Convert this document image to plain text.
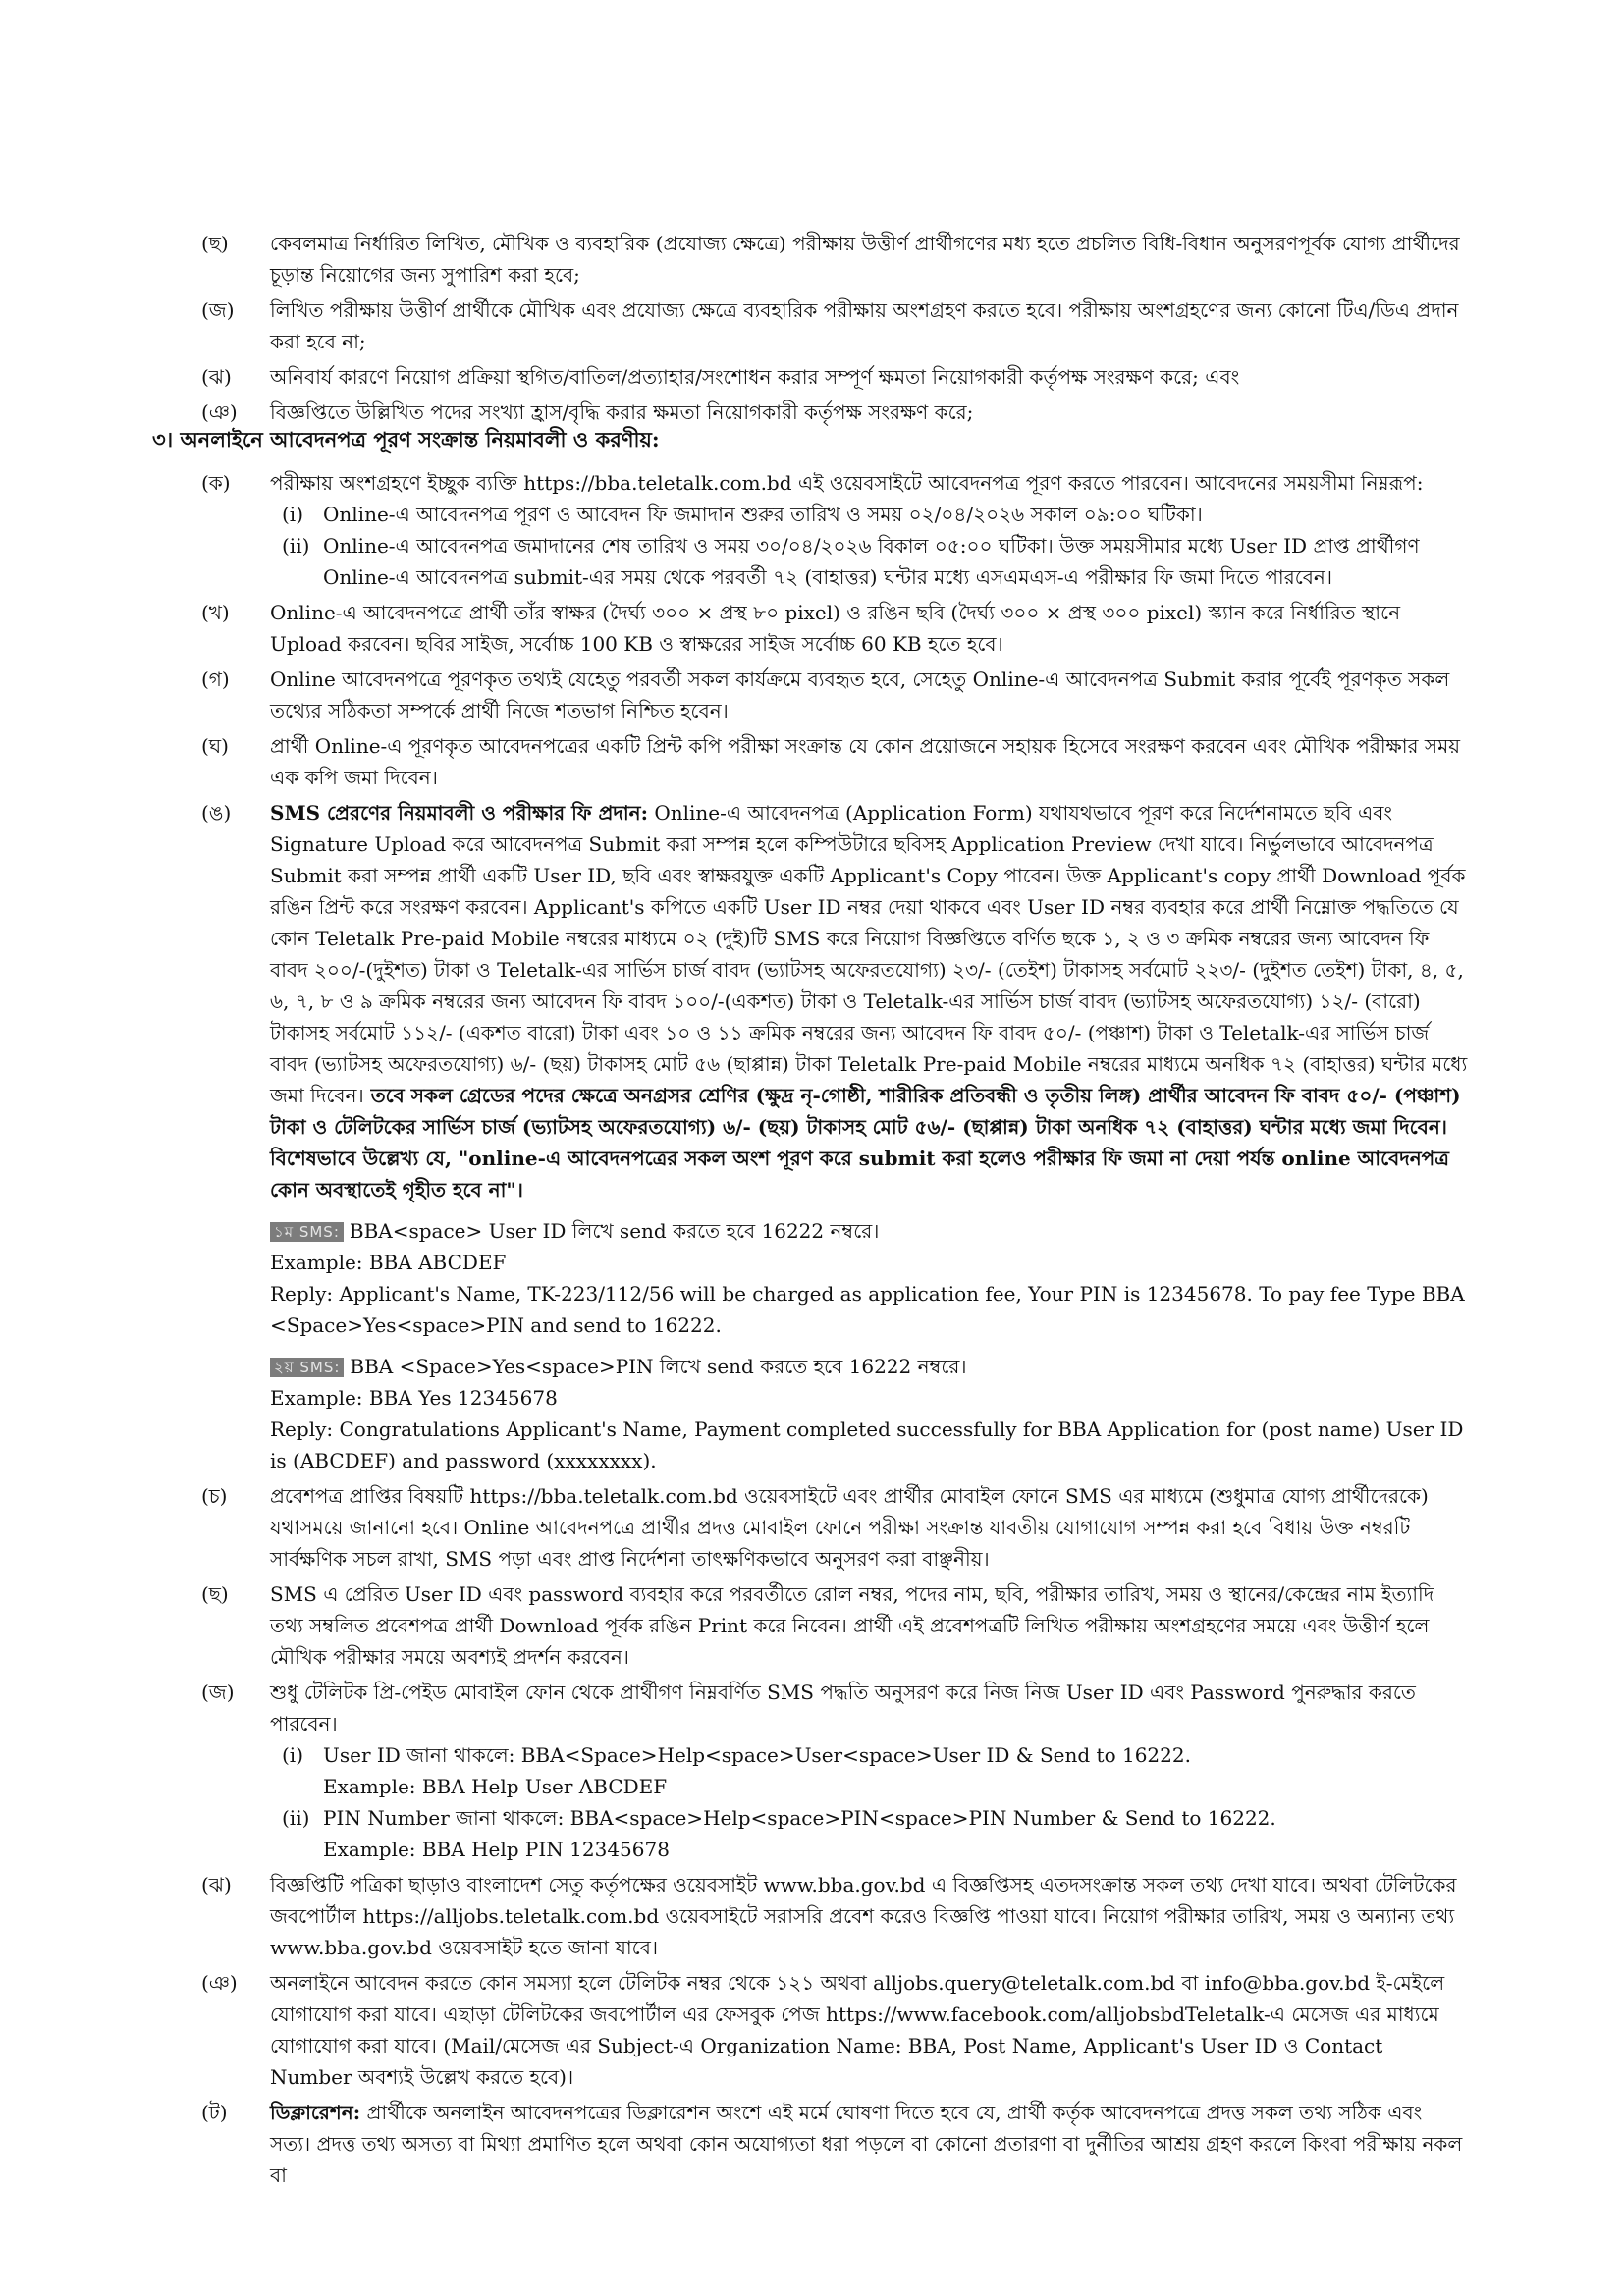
(ছ) কেবলমাত্র নির্ধারিত লিখিত, মৌখিক ও ব্যবহারিক (প্রযোজ্য ক্ষেত্রে) পরীক্ষায় উত্তীর্ণ প্রার্থীগণের মধ্য হতে প্রচলিত বিধি-বিধান অনুসরণপূর্বক যোগ্য প্রার্থীদের চূড়ান্ত নিয়োগের জন্য সুপারিশ করা হবে;
(জ) লিখিত পরীক্ষায় উত্তীর্ণ প্রার্থীকে মৌখিক এবং প্রযোজ্য ক্ষেত্রে ব্যবহারিক পরীক্ষায় অংশগ্রহণ করতে হবে। পরীক্ষায় অংশগ্রহণের জন্য কোনো টিএ/ডিএ প্রদান করা হবে না;
(ঝ) অনিবার্য কারণে নিয়োগ প্রক্রিয়া স্থগিত/বাতিল/প্রত্যাহার/সংশোধন করার সম্পূর্ণ ক্ষমতা নিয়োগকারী কর্তৃপক্ষ সংরক্ষণ করে; এবং
(ঞ) বিজ্ঞপ্তিতে উল্লিখিত পদের সংখ্যা হ্রাস/বৃদ্ধি করার ক্ষমতা নিয়োগকারী কর্তৃপক্ষ সংরক্ষণ করে;
৩। অনলাইনে আবেদনপত্র পূরণ সংক্রান্ত নিয়মাবলী ও করণীয়:
(ক) পরীক্ষায় অংশগ্রহণে ইচ্ছুক ব্যক্তি https://bba.teletalk.com.bd এই ওয়েবসাইটে আবেদনপত্র পূরণ করতে পারবেন। আবেদনের সময়সীমা নিম্নরূপ:
(i) Online-এ আবেদনপত্র পূরণ ও আবেদন ফি জমাদান শুরুর তারিখ ও সময় ০২/০৪/২০২৬ সকাল ০৯:০০ ঘটিকা।
(ii) Online-এ আবেদনপত্র জমাদানের শেষ তারিখ ও সময় ৩০/০৪/২০২৬ বিকাল ০৫:০০ ঘটিকা। উক্ত সময়সীমার মধ্যে User ID প্রাপ্ত প্রার্থীগণ Online-এ আবেদনপত্র submit-এর সময় থেকে পরবর্তী ৭২ (বাহাত্তর) ঘন্টার মধ্যে এসএমএস-এ পরীক্ষার ফি জমা দিতে পারবেন।
(খ) Online-এ আবেদনপত্রে প্রার্থী তাঁর স্বাক্ষর (দৈর্ঘ্য ৩০০ × প্রস্থ ৮০ pixel) ও রঙিন ছবি (দৈর্ঘ্য ৩০০ × প্রস্থ ৩০০ pixel) স্ক্যান করে নির্ধারিত স্থানে Upload করবেন। ছবির সাইজ, সর্বোচ্চ 100 KB ও স্বাক্ষরের সাইজ সর্বোচ্চ 60 KB হতে হবে।
(গ) Online আবেদনপত্রে পূরণকৃত তথ্যই যেহেতু পরবর্তী সকল কার্যক্রমে ব্যবহৃত হবে, সেহেতু Online-এ আবেদনপত্র Submit করার পূর্বেই পূরণকৃত সকল তথ্যের সঠিকতা সম্পর্কে প্রার্থী নিজে শতভাগ নিশ্চিত হবেন।
(ঘ) প্রার্থী Online-এ পূরণকৃত আবেদনপত্রের একটি প্রিন্ট কপি পরীক্ষা সংক্রান্ত যে কোন প্রয়োজনে সহায়ক হিসেবে সংরক্ষণ করবেন এবং মৌখিক পরীক্ষার সময় এক কপি জমা দিবেন।
(ঙ) SMS প্রেরণের নিয়মাবলী ও পরীক্ষার ফি প্রদান: Online-এ আবেদনপত্র (Application Form) যথাযথভাবে পূরণ করে নির্দেশনামতে ছবি এবং Signature Upload করে আবেদনপত্র Submit করা সম্পন্ন হলে কম্পিউটারে ছবিসহ Application Preview দেখা যাবে। নির্ভুলভাবে আবেদনপত্র Submit করা সম্পন্ন প্রার্থী একটি User ID, ছবি এবং স্বাক্ষরযুক্ত একটি Applicant's Copy পাবেন। উক্ত Applicant's copy প্রার্থী Download পূর্বক রঙিন প্রিন্ট করে সংরক্ষণ করবেন। Applicant's কপিতে একটি User ID নম্বর দেয়া থাকবে এবং User ID নম্বর ব্যবহার করে প্রার্থী নিম্নোক্ত পদ্ধতিতে যে কোন Teletalk Pre-paid Mobile নম্বরের মাধ্যমে ০২ (দুই)টি SMS করে নিয়োগ বিজ্ঞপ্তিতে বর্ণিত ছকে ১, ২ ও ৩ ক্রমিক নম্বরের জন্য আবেদন ফি বাবদ ২০০/-(দুইশত) টাকা ও Teletalk-এর সার্ভিস চার্জ বাবদ (ভ্যাটসহ অফেরতযোগ্য) ২৩/- (তেইশ) টাকাসহ সর্বমোট ২২৩/- (দুইশত তেইশ) টাকা, ৪, ৫, ৬, ৭, ৮ ও ৯ ক্রমিক নম্বরের জন্য আবেদন ফি বাবদ ১০০/-(একশত) টাকা ও Teletalk-এর সার্ভিস চার্জ বাবদ (ভ্যাটসহ অফেরতযোগ্য) ১২/- (বারো) টাকাসহ সর্বমোট ১১২/- (একশত বারো) টাকা এবং ১০ ও ১১ ক্রমিক নম্বরের জন্য আবেদন ফি বাবদ ৫০/- (পঞ্চাশ) টাকা ও Teletalk-এর সার্ভিস চার্জ বাবদ (ভ্যাটসহ অফেরতযোগ্য) ৬/- (ছয়) টাকাসহ মোট ৫৬ (ছাপ্পান্ন) টাকা Teletalk Pre-paid Mobile নম্বরের মাধ্যমে অনধিক ৭২ (বাহাত্তর) ঘন্টার মধ্যে জমা দিবেন। তবে সকল গ্রেডের পদের ক্ষেত্রে অনগ্রসর শ্রেণির (ক্ষুদ্র নৃ-গোষ্ঠী, শারীরিক প্রতিবন্ধী ও তৃতীয় লিঙ্গ) প্রার্থীর আবেদন ফি বাবদ ৫০/- (পঞ্চাশ) টাকা ও টেলিটকের সার্ভিস চার্জ (ভ্যাটসহ অফেরতযোগ্য) ৬/- (ছয়) টাকাসহ মোট ৫৬/- (ছাপ্পান্ন) টাকা অনধিক ৭২ (বাহাত্তর) ঘন্টার মধ্যে জমা দিবেন। বিশেষভাবে উল্লেখ্য যে, "online-এ আবেদনপত্রের সকল অংশ পূরণ করে submit করা হলেও পরীক্ষার ফি জমা না দেয়া পর্যন্ত online আবেদনপত্র কোন অবস্থাতেই গৃহীত হবে না"।
১ম SMS: BBA<space> User ID লিখে send করতে হবে 16222 নম্বরে।
Example: BBA ABCDEF
Reply: Applicant's Name, TK-223/112/56 will be charged as application fee, Your PIN is 12345678. To pay fee Type BBA <Space>Yes<space>PIN and send to 16222.
২য় SMS: BBA <Space>Yes<space>PIN লিখে send করতে হবে 16222 নম্বরে।
Example: BBA Yes 12345678
Reply: Congratulations Applicant's Name, Payment completed successfully for BBA Application for (post name) User ID is (ABCDEF) and password (xxxxxxxx).
(চ) প্রবেশপত্র প্রাপ্তির বিষয়টি https://bba.teletalk.com.bd ওয়েবসাইটে এবং প্রার্থীর মোবাইল ফোনে SMS এর মাধ্যমে (শুধুমাত্র যোগ্য প্রার্থীদেরকে) যথাসময়ে জানানো হবে। Online আবেদনপত্রে প্রার্থীর প্রদত্ত মোবাইল ফোনে পরীক্ষা সংক্রান্ত যাবতীয় যোগাযোগ সম্পন্ন করা হবে বিধায় উক্ত নম্বরটি সার্বক্ষণিক সচল রাখা, SMS পড়া এবং প্রাপ্ত নির্দেশনা তাৎক্ষণিকভাবে অনুসরণ করা বাঞ্ছনীয়।
(ছ) SMS এ প্রেরিত User ID এবং password ব্যবহার করে পরবর্তীতে রোল নম্বর, পদের নাম, ছবি, পরীক্ষার তারিখ, সময় ও স্থানের/কেন্দ্রের নাম ইত্যাদি তথ্য সম্বলিত প্রবেশপত্র প্রার্থী Download পূর্বক রঙিন Print করে নিবেন। প্রার্থী এই প্রবেশপত্রটি লিখিত পরীক্ষায় অংশগ্রহণের সময়ে এবং উত্তীর্ণ হলে মৌখিক পরীক্ষার সময়ে অবশ্যই প্রদর্শন করবেন।
(জ) শুধু টেলিটক প্রি-পেইড মোবাইল ফোন থেকে প্রার্থীগণ নিম্নবর্ণিত SMS পদ্ধতি অনুসরণ করে নিজ নিজ User ID এবং Password পুনরুদ্ধার করতে পারবেন।
(i) User ID জানা থাকলে: BBA<Space>Help<space>User<space>User ID & Send to 16222.
Example: BBA Help User ABCDEF
(ii) PIN Number জানা থাকলে: BBA<space>Help<space>PIN<space>PIN Number & Send to 16222.
Example: BBA Help PIN 12345678
(ঝ) বিজ্ঞপ্তিটি পত্রিকা ছাড়াও বাংলাদেশ সেতু কর্তৃপক্ষের ওয়েবসাইট www.bba.gov.bd এ বিজ্ঞপ্তিসহ এতদসংক্রান্ত সকল তথ্য দেখা যাবে। অথবা টেলিটকের জবপোর্টাল https://alljobs.teletalk.com.bd ওয়েবসাইটে সরাসরি প্রবেশ করেও বিজ্ঞপ্তি পাওয়া যাবে। নিয়োগ পরীক্ষার তারিখ, সময় ও অন্যান্য তথ্য www.bba.gov.bd ওয়েবসাইট হতে জানা যাবে।
(ঞ) অনলাইনে আবেদন করতে কোন সমস্যা হলে টেলিটক নম্বর থেকে ১২১ অথবা alljobs.query@teletalk.com.bd বা info@bba.gov.bd ই-মেইলে যোগাযোগ করা যাবে। এছাড়া টেলিটকের জবপোর্টাল এর ফেসবুক পেজ https://www.facebook.com/alljobsbdTeletalk-এ মেসেজ এর মাধ্যমে যোগাযোগ করা যাবে। (Mail/মেসেজ এর Subject-এ Organization Name: BBA, Post Name, Applicant's User ID ও Contact Number অবশ্যই উল্লেখ করতে হবে)।
(ট) ডিক্লারেশন: প্রার্থীকে অনলাইন আবেদনপত্রের ডিক্লারেশন অংশে এই মর্মে ঘোষণা দিতে হবে যে, প্রার্থী কর্তৃক আবেদনপত্রে প্রদত্ত সকল তথ্য সঠিক এবং সত্য। প্রদত্ত তথ্য অসত্য বা মিথ্যা প্রমাণিত হলে অথবা কোন অযোগ্যতা ধরা পড়লে বা কোনো প্রতারণা বা দুর্নীতির আশ্রয় গ্রহণ করলে কিংবা পরীক্ষায় নকল বা
